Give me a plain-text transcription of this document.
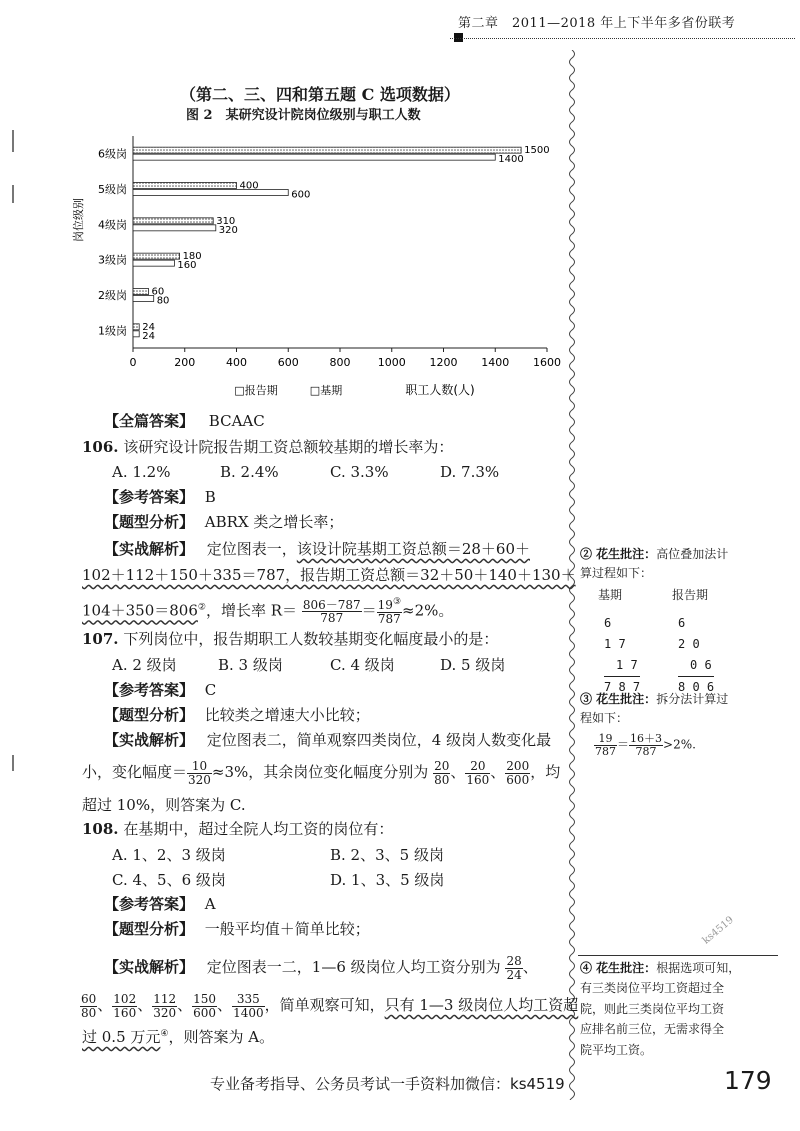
第二章　2011—2018 年上下半年多省份联考
（第二、三、四和第五题 C 选项数据）
图 2　某研究设计院岗位级别与职工人数
0	200	400	600	800 1000 1200 1400 1600
1级岗 24
24
2级岗 60
80
3级岗	180
160
4级岗	310
320
5级岗	400
600
6级岗	1500
1400
岗位级别
□报告期	□基期	职工人数(人)
【全篇答案】 BCAAC
106. 该研究设计院报告期工资总额较基期的增长率为：
A. 1.2%	B. 2.4%	C. 3.3%	D. 7.3%
【参考答案】 B
【题型分析】 ABRX 类之增长率；
【实战解析】 定位图表一，该设计院基期工资总额＝28＋60＋
102＋112＋150＋335＝787，报告期工资总额＝32＋50＋140＋130＋
104＋350＝806②，增长率 $R= \frac{806-787}{787} = \frac{19^③}{787} \approx 2\%$。
107. 下列岗位中，报告期职工人数较基期变化幅度最小的是：
A. 2 级岗	B. 3 级岗	C. 4 级岗	D. 5 级岗
【参考答案】 C
【题型分析】 比较类之增速大小比较；
【实战解析】 定位图表二，简单观察四类岗位，4 级岗人数变化最
小，变化幅度＝ $\frac{10}{320} \approx 3\%$，其余岗位变化幅度分别为 $\frac{20}{80}$ 、 $\frac{20}{160}$ 、 $\frac{200}{600}$ ，均
超过 10%，则答案为 C.
108. 在基期中，超过全院人均工资的岗位有：
A. 1、2、3 级岗	B. 2、3、5 级岗
C. 4、5、6 级岗	D. 1、3、5 级岗
【参考答案】 A
【题型分析】 一般平均值＋简单比较；
【实战解析】 定位图表一二，1—6 级岗位人均工资分别为 $\frac{28}{24}$ 、
$\frac{60}{80}$ 、 $\frac{102}{160}$ 、 $\frac{112}{320}$ 、 $\frac{150}{600}$ 、 $\frac{335}{1400}$ ，简单观察可知，只有 1—3 级岗位人均工资超
过 0.5 万元④，则答案为 A。
② 花生批注：高位叠加法计
算过程如下：
基期
6
1 7
　1 7
7 8 7
报告期
6
2 0
　0 6
8 0 6
③ 花生批注：拆分法计算过
程如下：
$\frac{19}{787} = \frac{16+3}{787} >2\%$.
④ 花生批注：根据选项可知，
有三类岗位平均工资超过全
院，则此三类岗位平均工资
应排名前三位，无需求得全
院平均工资。
ks4519
专业备考指导、公务员考试一手资料加微信：ks4519	179
